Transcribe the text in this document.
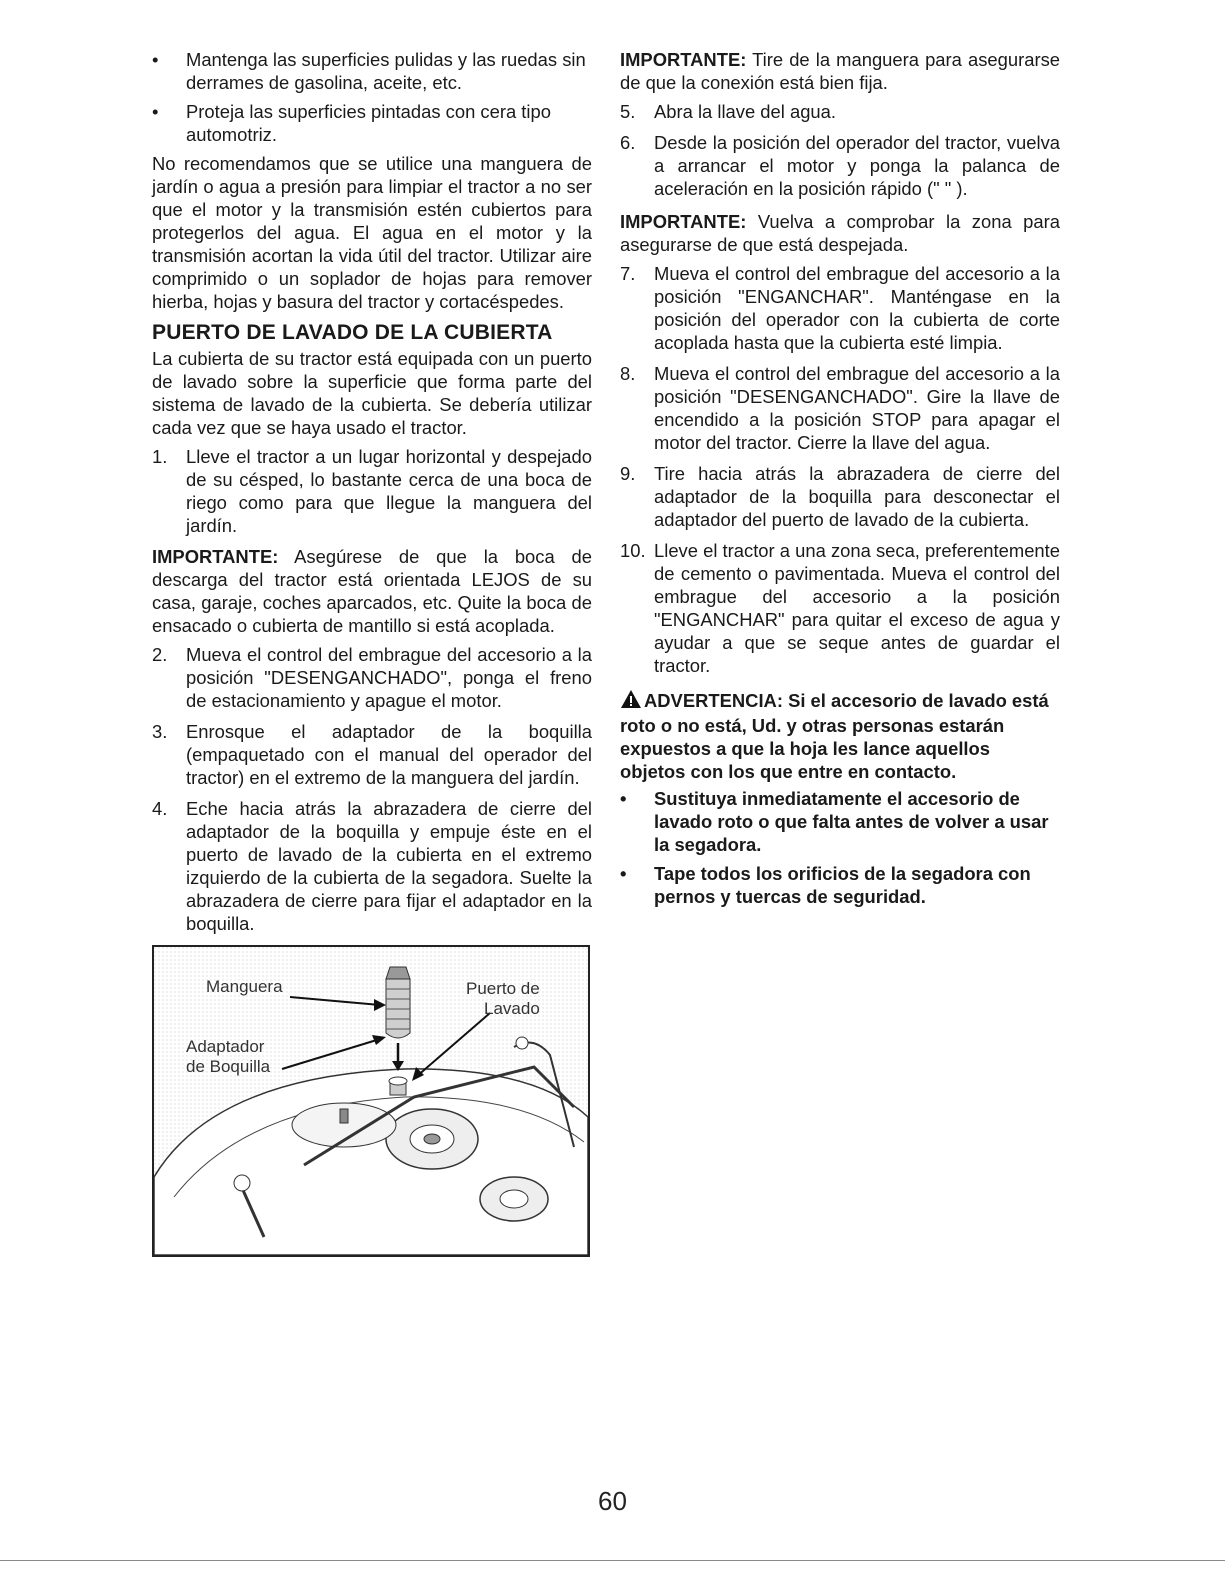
• Mantenga las superficies pulidas y las ruedas sin derrames de gasolina, aceite, etc.
• Proteja las superficies pintadas con cera tipo automotriz.

No recomendamos que se utilice una manguera de jardín o agua a presión para limpiar el tractor a no ser que el motor y la transmisión estén cubiertos para protegerlos del agua. El agua en el motor y la transmisión acortan la vida útil del tractor. Utilizar aire comprimido o un soplador de hojas para remover hierba, hojas y basura del tractor y cortacéspedes.

PUERTO DE LAVADO DE LA CUBIERTA

La cubierta de su tractor está equipada con un puerto de lavado sobre la superficie que forma parte del sistema de lavado de la cubierta. Se debería utilizar cada vez que se haya usado el tractor.

1. Lleve el tractor a un lugar horizontal y despejado de su césped, lo bastante cerca de una boca de riego como para que llegue la manguera del jardín.

IMPORTANTE: Asegúrese de que la boca de descarga del tractor está orientada LEJOS de su casa, garaje, coches aparcados, etc. Quite la boca de ensacado o cubierta de mantillo si está acoplada.

2. Mueva el control del embrague del accesorio a la posición "DESENGANCHADO", ponga el freno de estacionamiento y apague el motor.
3. Enrosque el adaptador de la boquilla (empaquetado con el manual del operador del tractor) en el extremo de la manguera del jardín.
4. Eche hacia atrás la abrazadera de cierre del adaptador de la boquilla y empuje éste en el puerto de lavado de la cubierta en el extremo izquierdo de la cubierta de la segadora. Suelte la abrazadera de cierre para fijar el adaptador en la boquilla.
Manguera
Adaptador
de Boquilla
Puerto de
Lavado

IMPORTANTE: Tire de la manguera para asegurarse de que la conexión está bien fija.

5. Abra la llave del agua.
6. Desde la posición del operador del tractor, vuelva a arrancar el motor y ponga la palanca de aceleración en la posición rápido (" " ).

IMPORTANTE: Vuelva a comprobar la zona para asegurarse de que está despejada.

7. Mueva el control del embrague del accesorio a la posición "ENGANCHAR". Manténgase en la posición del operador con la cubierta de corte acoplada hasta que la cubierta esté limpia.
8. Mueva el control del embrague del accesorio a la posición "DESENGANCHADO". Gire la llave de encendido a la posición STOP para apagar el motor del tractor. Cierre la llave del agua.
9. Tire hacia atrás la abrazadera de cierre del adaptador de la boquilla para desconectar el adaptador del puerto de lavado de la cubierta.
10. Lleve el tractor a una zona seca, preferentemente de cemento o pavimentada. Mueva el control del embrague del accesorio a la posición "ENGANCHAR" para quitar el exceso de agua y ayudar a que se seque antes de guardar el tractor.

ADVERTENCIA: Si el accesorio de lavado está roto o no está, Ud. y otras personas estarán expuestos a que la hoja les lance aquellos objetos con los que entre en contacto.

• Sustituya inmediatamente el accesorio de lavado roto o que falta antes de volver a usar la segadora.
• Tape todos los orificios de la segadora con pernos y tuercas de seguridad.
60
